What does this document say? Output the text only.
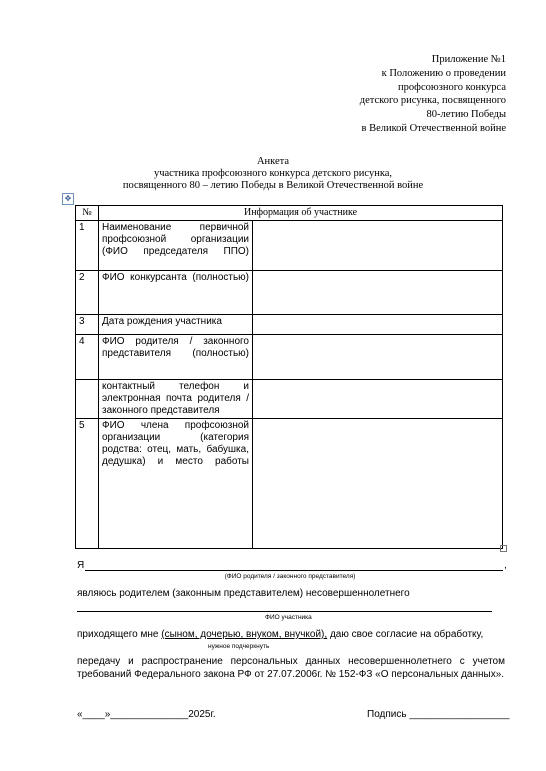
Приложение №1
к Положению о проведении
профсоюзного конкурса
детского рисунка, посвященного
80-летию Победы
в Великой Отечественной войне
Анкета
участника профсоюзного конкурса детского рисунка,
посвященного 80 – летию Победы в Великой Отечественной войне
✥
№	Информация об участнике	
1	Наименование первичной профсоюзной организации (ФИО председателя ППО)	
2	ФИО конкурсанта (полностью)	
3	Дата рождения участника	
4	ФИО родителя / законного представителя (полностью)	
	контактный телефон и электронная почта родителя / законного представителя	
5	ФИО члена профсоюзной организации (категория родства: отец, мать, бабушка, дедушка) и место работы	
Я	,
(ФИО родителя / законного представителя)
являюсь родителем (законным представителем) несовершеннолетнего
ФИО участника
приходящего мне (сыном, дочерью, внуком, внучкой), даю свое согласие на обработку,
нужное подчеркнуть
передачу и распространение персональных данных несовершеннолетнего с учетом требований Федерального закона РФ от 27.07.2006г. № 152-ФЗ «О персональных данных».
«____»______________2025г.	Подпись __________________
